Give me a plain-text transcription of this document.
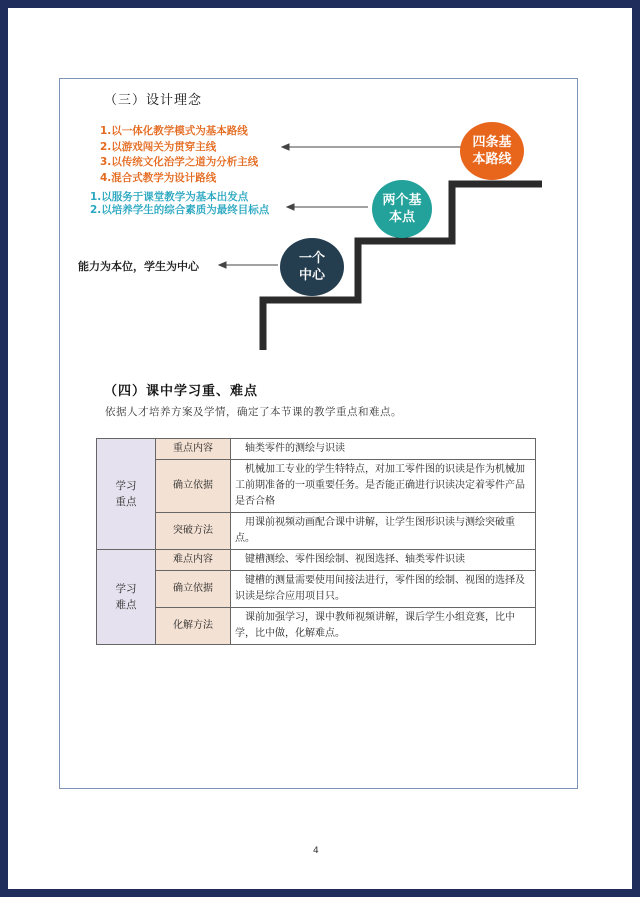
（三）设计理念
1.以一体化教学模式为基本路线
2.以游戏闯关为贯穿主线
3.以传统文化治学之道为分析主线
4.混合式教学为设计路线
1.以服务于课堂教学为基本出发点
2.以培养学生的综合素质为最终目标点
能力为本位，学生为中心
四条基本路线
两个基本点
一个中心
（四）课中学习重、难点
依据人才培养方案及学情，确定了本节课的教学重点和难点。
学习重点	重点内容	轴类零件的测绘与识读
	确立依据	机械加工专业的学生特特点，对加工零件图的识读是作为机械加工前期准备的一项重要任务。是否能正确进行识读决定着零件产品是否合格
	突破方法	用课前视频动画配合课中讲解，让学生图形识读与测绘突破重点。
学习难点	难点内容	键槽测绘、零件图绘制、视图选择、轴类零件识读
	确立依据	键槽的测量需要使用间接法进行，零件图的绘制、视图的选择及识读是综合应用项目只。
	化解方法	课前加强学习，课中教师视频讲解，课后学生小组竞赛，比中学，比中做，化解难点。
4
